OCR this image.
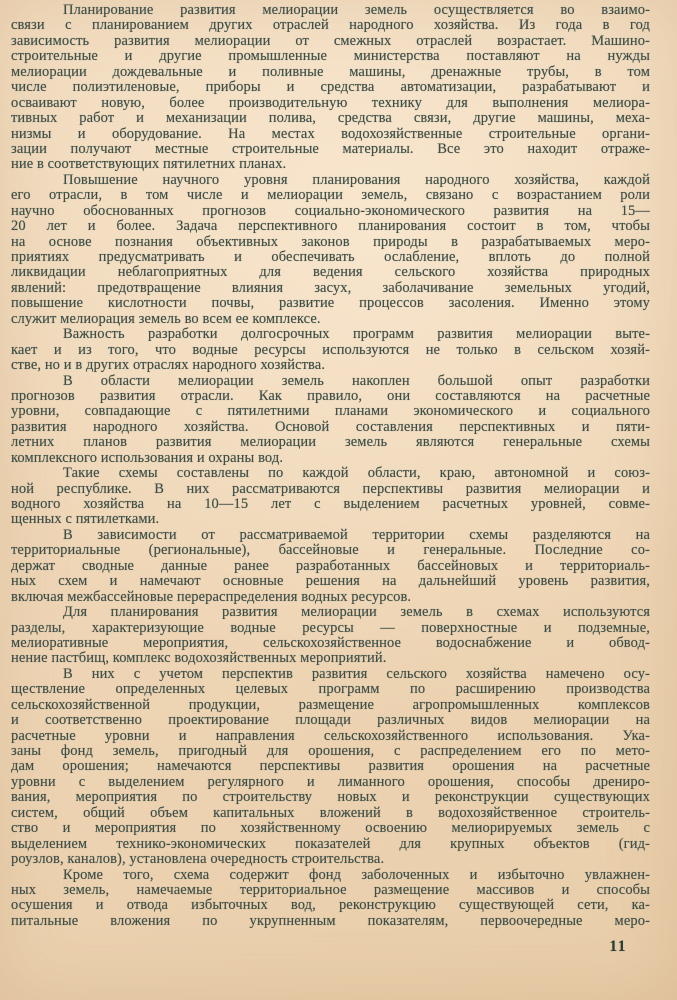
Планирование развития мелиорации земель осуществляется во взаимо-
связи с планированием других отраслей народного хозяйства. Из года в год
зависимость развития мелиорации от смежных отраслей возрастает. Машино-
строительные и другие промышленные министерства поставляют на нужды
мелиорации дождевальные и поливные машины, дренажные трубы, в том
числе полиэтиленовые, приборы и средства автоматизации, разрабатывают и
осваивают новую, более производительную технику для выполнения мелиора-
тивных работ и механизации полива, средства связи, другие машины, меха-
низмы и оборудование. На местах водохозяйственные строительные органи-
зации получают местные строительные материалы. Все это находит отраже-
ние в соответствующих пятилетних планах.

Повышение научного уровня планирования народного хозяйства, каждой
его отрасли, в том числе и мелиорации земель, связано с возрастанием роли
научно обоснованных прогнозов социально-экономического развития на 15—
20 лет и более. Задача перспективного планирования состоит в том, чтобы
на основе познания объективных законов природы в разрабатываемых меро-
приятиях предусматривать и обеспечивать ослабление, вплоть до полной
ликвидации неблагоприятных для ведения сельского хозяйства природных
явлений: предотвращение влияния засух, заболачивание земельных угодий,
повышение кислотности почвы, развитие процессов засоления. Именно этому
служит мелиорация земель во всем ее комплексе.

Важность разработки долгосрочных программ развития мелиорации выте-
кает и из того, что водные ресурсы используются не только в сельском хозяй-
стве, но и в других отраслях народного хозяйства.

В области мелиорации земель накоплен большой опыт разработки
прогнозов развития отрасли. Как правило, они составляются на расчетные
уровни, совпадающие с пятилетними планами экономического и социального
развития народного хозяйства. Основой составления перспективных и пяти-
летних планов развития мелиорации земель являются генеральные схемы
комплексного использования и охраны вод.

Такие схемы составлены по каждой области, краю, автономной и союз-
ной республике. В них рассматриваются перспективы развития мелиорации и
водного хозяйства на 10—15 лет с выделением расчетных уровней, совме-
щенных с пятилетками.

В зависимости от рассматриваемой территории схемы разделяются на
территориальные (региональные), бассейновые и генеральные. Последние со-
держат сводные данные ранее разработанных бассейновых и территориаль-
ных схем и намечают основные решения на дальнейший уровень развития,
включая межбассейновые перераспределения водных ресурсов.

Для планирования развития мелиорации земель в схемах используются
разделы, характеризующие водные ресурсы — поверхностные и подземные,
мелиоративные мероприятия, сельскохозяйственное водоснабжение и обвод-
нение пастбищ, комплекс водохозяйственных мероприятий.

В них с учетом перспектив развития сельского хозяйства намечено осу-
ществление определенных целевых программ по расширению производства
сельскохозяйственной продукции, размещение агропромышленных комплексов
и соответственно проектирование площади различных видов мелиорации на
расчетные уровни и направления сельскохозяйственного использования. Ука-
заны фонд земель, пригодный для орошения, с распределением его по мето-
дам орошения; намечаются перспективы развития орошения на расчетные
уровни с выделением регулярного и лиманного орошения, способы дрениро-
вания, мероприятия по строительству новых и реконструкции существующих
систем, общий объем капитальных вложений в водохозяйственное строитель-
ство и мероприятия по хозяйственному освоению мелиорируемых земель с
выделением технико-экономических показателей для крупных объектов (гид-
роузлов, каналов), установлена очередность строительства.

Кроме того, схема содержит фонд заболоченных и избыточно увлажнен-
ных земель, намечаемые территориальное размещение массивов и способы
осушения и отвода избыточных вод, реконструкцию существующей сети, ка-
питальные вложения по укрупненным показателям, первоочередные меро-

11
